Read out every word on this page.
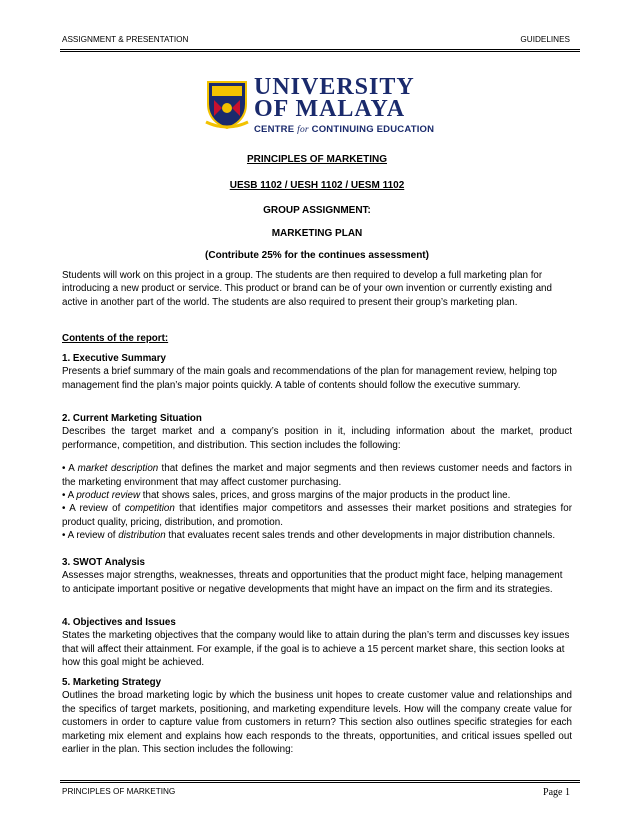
ASSIGNMENT & PRESENTATION	GUIDELINES
UNIVERSITY
OF MALAYA
CENTRE for CONTINUING EDUCATION
PRINCIPLES OF MARKETING
UESB 1102 / UESH 1102 / UESM 1102
GROUP ASSIGNMENT:
MARKETING PLAN
(Contribute 25% for the continues assessment)

Students will work on this project in a group. The students are then required to develop a full marketing plan for introducing a new product or service. This product or brand can be of your own invention or currently existing and active in another part of the world. The students are also required to present their group’s marketing plan.

Contents of the report:

1. Executive Summary

Presents a brief summary of the main goals and recommendations of the plan for management review, helping top management find the plan’s major points quickly. A table of contents should follow the executive summary.

2. Current Marketing Situation

Describes the target market and a company’s position in it, including information about the market, product performance, competition, and distribution. This section includes the following:

• A market description that defines the market and major segments and then reviews customer needs and factors in the marketing environment that may affect customer purchasing.

• A product review that shows sales, prices, and gross margins of the major products in the product line.

• A review of competition that identifies major competitors and assesses their market positions and strategies for product quality, pricing, distribution, and promotion.

• A review of distribution that evaluates recent sales trends and other developments in major distribution channels.

3. SWOT Analysis

Assesses major strengths, weaknesses, threats and opportunities that the product might face, helping management to anticipate important positive or negative developments that might have an impact on the firm and its strategies.

4. Objectives and Issues

States the marketing objectives that the company would like to attain during the plan’s term and discusses key issues that will affect their attainment. For example, if the goal is to achieve a 15 percent market share, this section looks at how this goal might be achieved.

5. Marketing Strategy

Outlines the broad marketing logic by which the business unit hopes to create customer value and relationships and the specifics of target markets, positioning, and marketing expenditure levels. How will the company create value for customers in order to capture value from customers in return? This section also outlines specific strategies for each marketing mix element and explains how each responds to the threats, opportunities, and critical issues spelled out earlier in the plan. This section includes the following:

PRINCIPLES OF MARKETING	Page 1
